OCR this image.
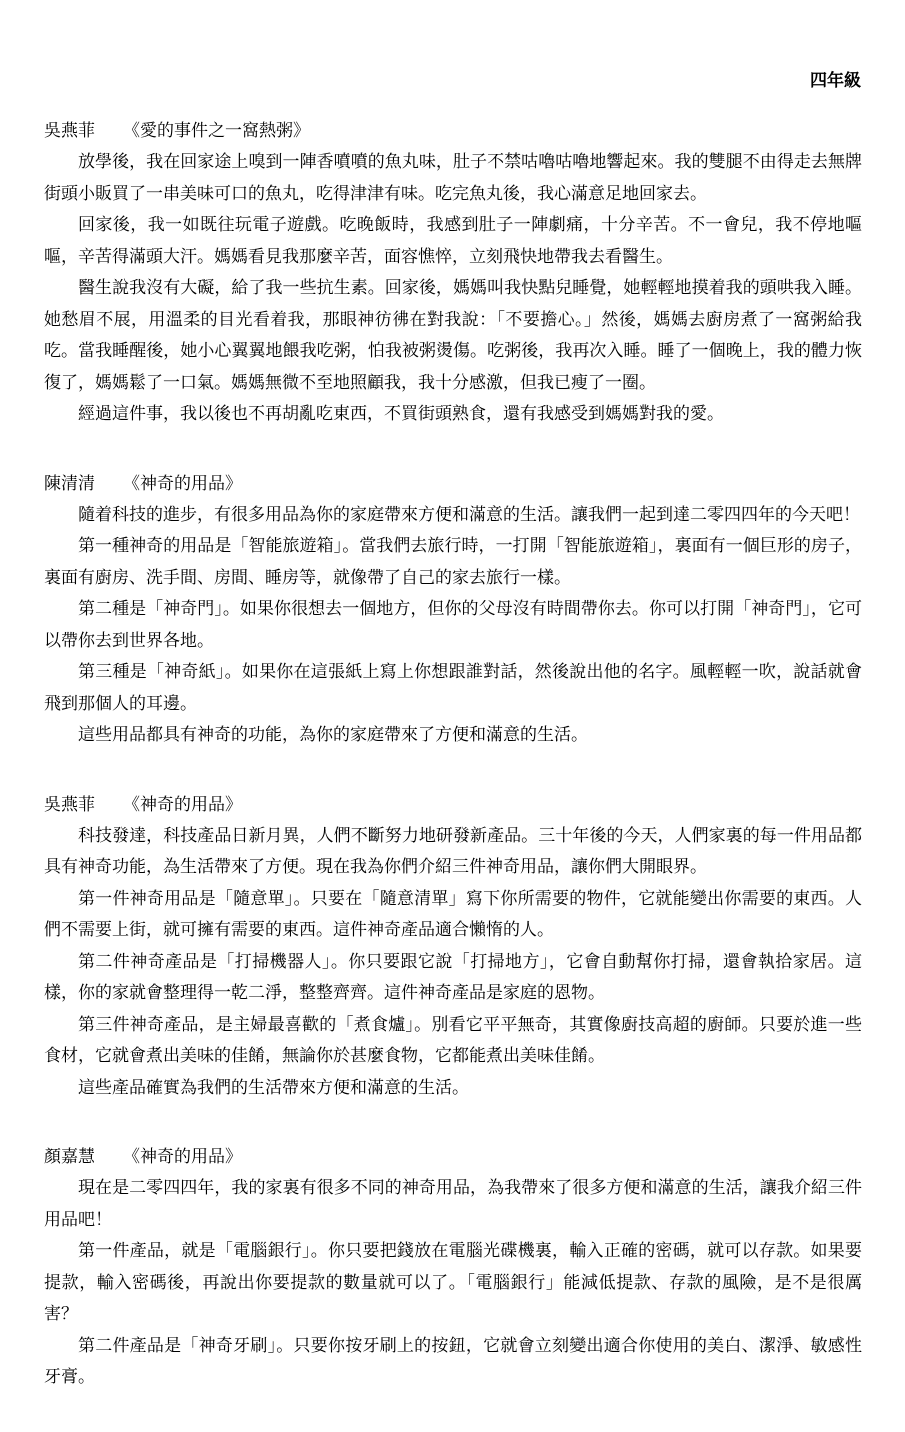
四年級
吳燕菲 《愛的事件之一窩熱粥》

放學後，我在回家途上嗅到一陣香噴噴的魚丸味，肚子不禁咕嚕咕嚕地響起來。我的雙腿不由得走去無牌街頭小販買了一串美味可口的魚丸，吃得津津有味。吃完魚丸後，我心滿意足地回家去。

回家後，我一如既往玩電子遊戲。吃晚飯時，我感到肚子一陣劇痛，十分辛苦。不一會兒，我不停地嘔嘔，辛苦得滿頭大汗。媽媽看見我那麼辛苦，面容憔悴，立刻飛快地帶我去看醫生。

醫生說我沒有大礙，給了我一些抗生素。回家後，媽媽叫我快點兒睡覺，她輕輕地摸着我的頭哄我入睡。她愁眉不展，用溫柔的目光看着我，那眼神彷彿在對我說：「不要擔心。」然後，媽媽去廚房煮了一窩粥給我吃。當我睡醒後，她小心翼翼地餵我吃粥，怕我被粥燙傷。吃粥後，我再次入睡。睡了一個晚上，我的體力恢復了，媽媽鬆了一口氣。媽媽無微不至地照顧我，我十分感激，但我已瘦了一圈。

經過這件事，我以後也不再胡亂吃東西，不買街頭熟食，還有我感受到媽媽對我的愛。

陳清清 《神奇的用品》

隨着科技的進步，有很多用品為你的家庭帶來方便和滿意的生活。讓我們一起到達二零四四年的今天吧！

第一種神奇的用品是「智能旅遊箱」。當我們去旅行時，一打開「智能旅遊箱」，裏面有一個巨形的房子，裏面有廚房、洗手間、房間、睡房等，就像帶了自己的家去旅行一樣。

第二種是「神奇門」。如果你很想去一個地方，但你的父母沒有時間帶你去。你可以打開「神奇門」，它可以帶你去到世界各地。

第三種是「神奇紙」。如果你在這張紙上寫上你想跟誰對話，然後說出他的名字。風輕輕一吹，說話就會飛到那個人的耳邊。

這些用品都具有神奇的功能，為你的家庭帶來了方便和滿意的生活。

吳燕菲 《神奇的用品》

科技發達，科技產品日新月異，人們不斷努力地研發新產品。三十年後的今天，人們家裏的每一件用品都具有神奇功能，為生活帶來了方便。現在我為你們介紹三件神奇用品，讓你們大開眼界。

第一件神奇用品是「隨意單」。只要在「隨意清單」寫下你所需要的物件，它就能變出你需要的東西。人們不需要上街，就可擁有需要的東西。這件神奇產品適合懶惰的人。

第二件神奇產品是「打掃機器人」。你只要跟它說「打掃地方」，它會自動幫你打掃，還會執拾家居。這樣，你的家就會整理得一乾二淨，整整齊齊。這件神奇產品是家庭的恩物。

第三件神奇產品，是主婦最喜歡的「煮食爐」。別看它平平無奇，其實像廚技高超的廚師。只要於進一些食材，它就會煮出美味的佳餚，無論你於甚麼食物，它都能煮出美味佳餚。

這些產品確實為我們的生活帶來方便和滿意的生活。

顏嘉慧 《神奇的用品》

現在是二零四四年，我的家裏有很多不同的神奇用品，為我帶來了很多方便和滿意的生活，讓我介紹三件用品吧！

第一件產品，就是「電腦銀行」。你只要把錢放在電腦光碟機裏，輸入正確的密碼，就可以存款。如果要提款，輸入密碼後，再說出你要提款的數量就可以了。「電腦銀行」能減低提款、存款的風險，是不是很厲害？

第二件產品是「神奇牙刷」。只要你按牙刷上的按鈕，它就會立刻變出適合你使用的美白、潔淨、敏感性牙膏。
